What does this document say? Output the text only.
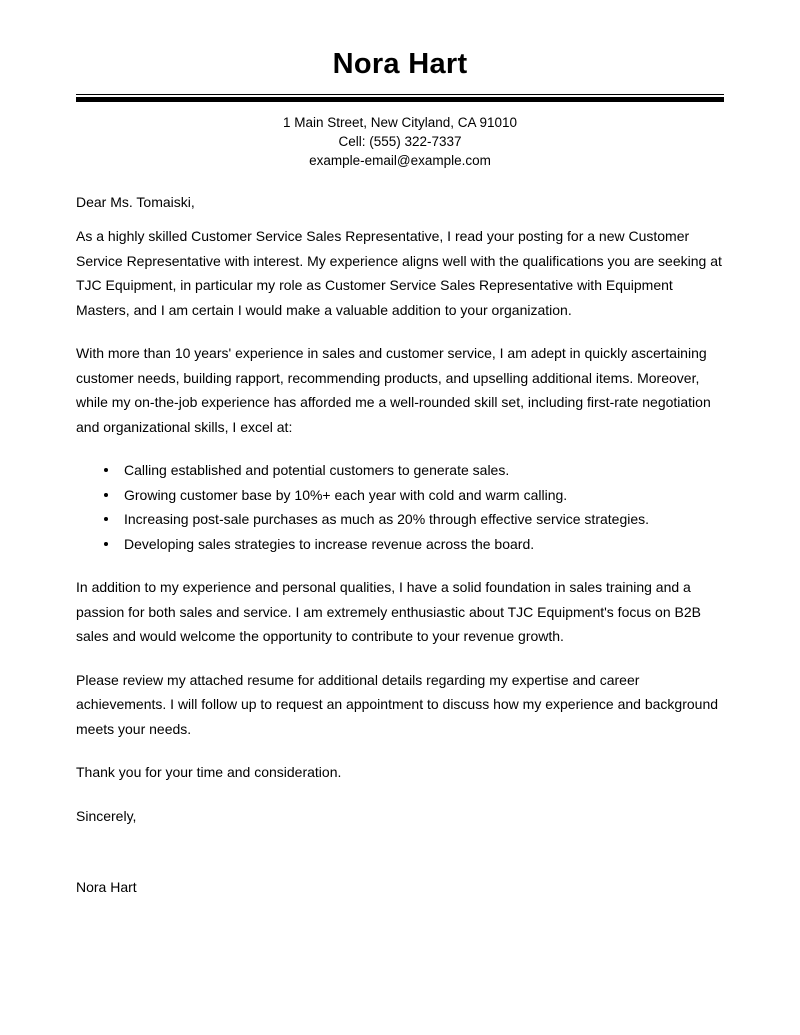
Nora Hart
1 Main Street, New Cityland, CA 91010
Cell: (555) 322-7337
example-email@example.com

Dear Ms. Tomaiski,

As a highly skilled Customer Service Sales Representative, I read your posting for a new Customer Service Representative with interest. My experience aligns well with the qualifications you are seeking at TJC Equipment, in particular my role as Customer Service Sales Representative with Equipment Masters, and I am certain I would make a valuable addition to your organization.

With more than 10 years' experience in sales and customer service, I am adept in quickly ascertaining customer needs, building rapport, recommending products, and upselling additional items. Moreover, while my on-the-job experience has afforded me a well-rounded skill set, including first-rate negotiation and organizational skills, I excel at:

Calling established and potential customers to generate sales.
Growing customer base by 10%+ each year with cold and warm calling.
Increasing post-sale purchases as much as 20% through effective service strategies.
Developing sales strategies to increase revenue across the board.

In addition to my experience and personal qualities, I have a solid foundation in sales training and a passion for both sales and service. I am extremely enthusiastic about TJC Equipment's focus on B2B sales and would welcome the opportunity to contribute to your revenue growth.

Please review my attached resume for additional details regarding my expertise and career achievements. I will follow up to request an appointment to discuss how my experience and background meets your needs.

Thank you for your time and consideration.

Sincerely,

Nora Hart
